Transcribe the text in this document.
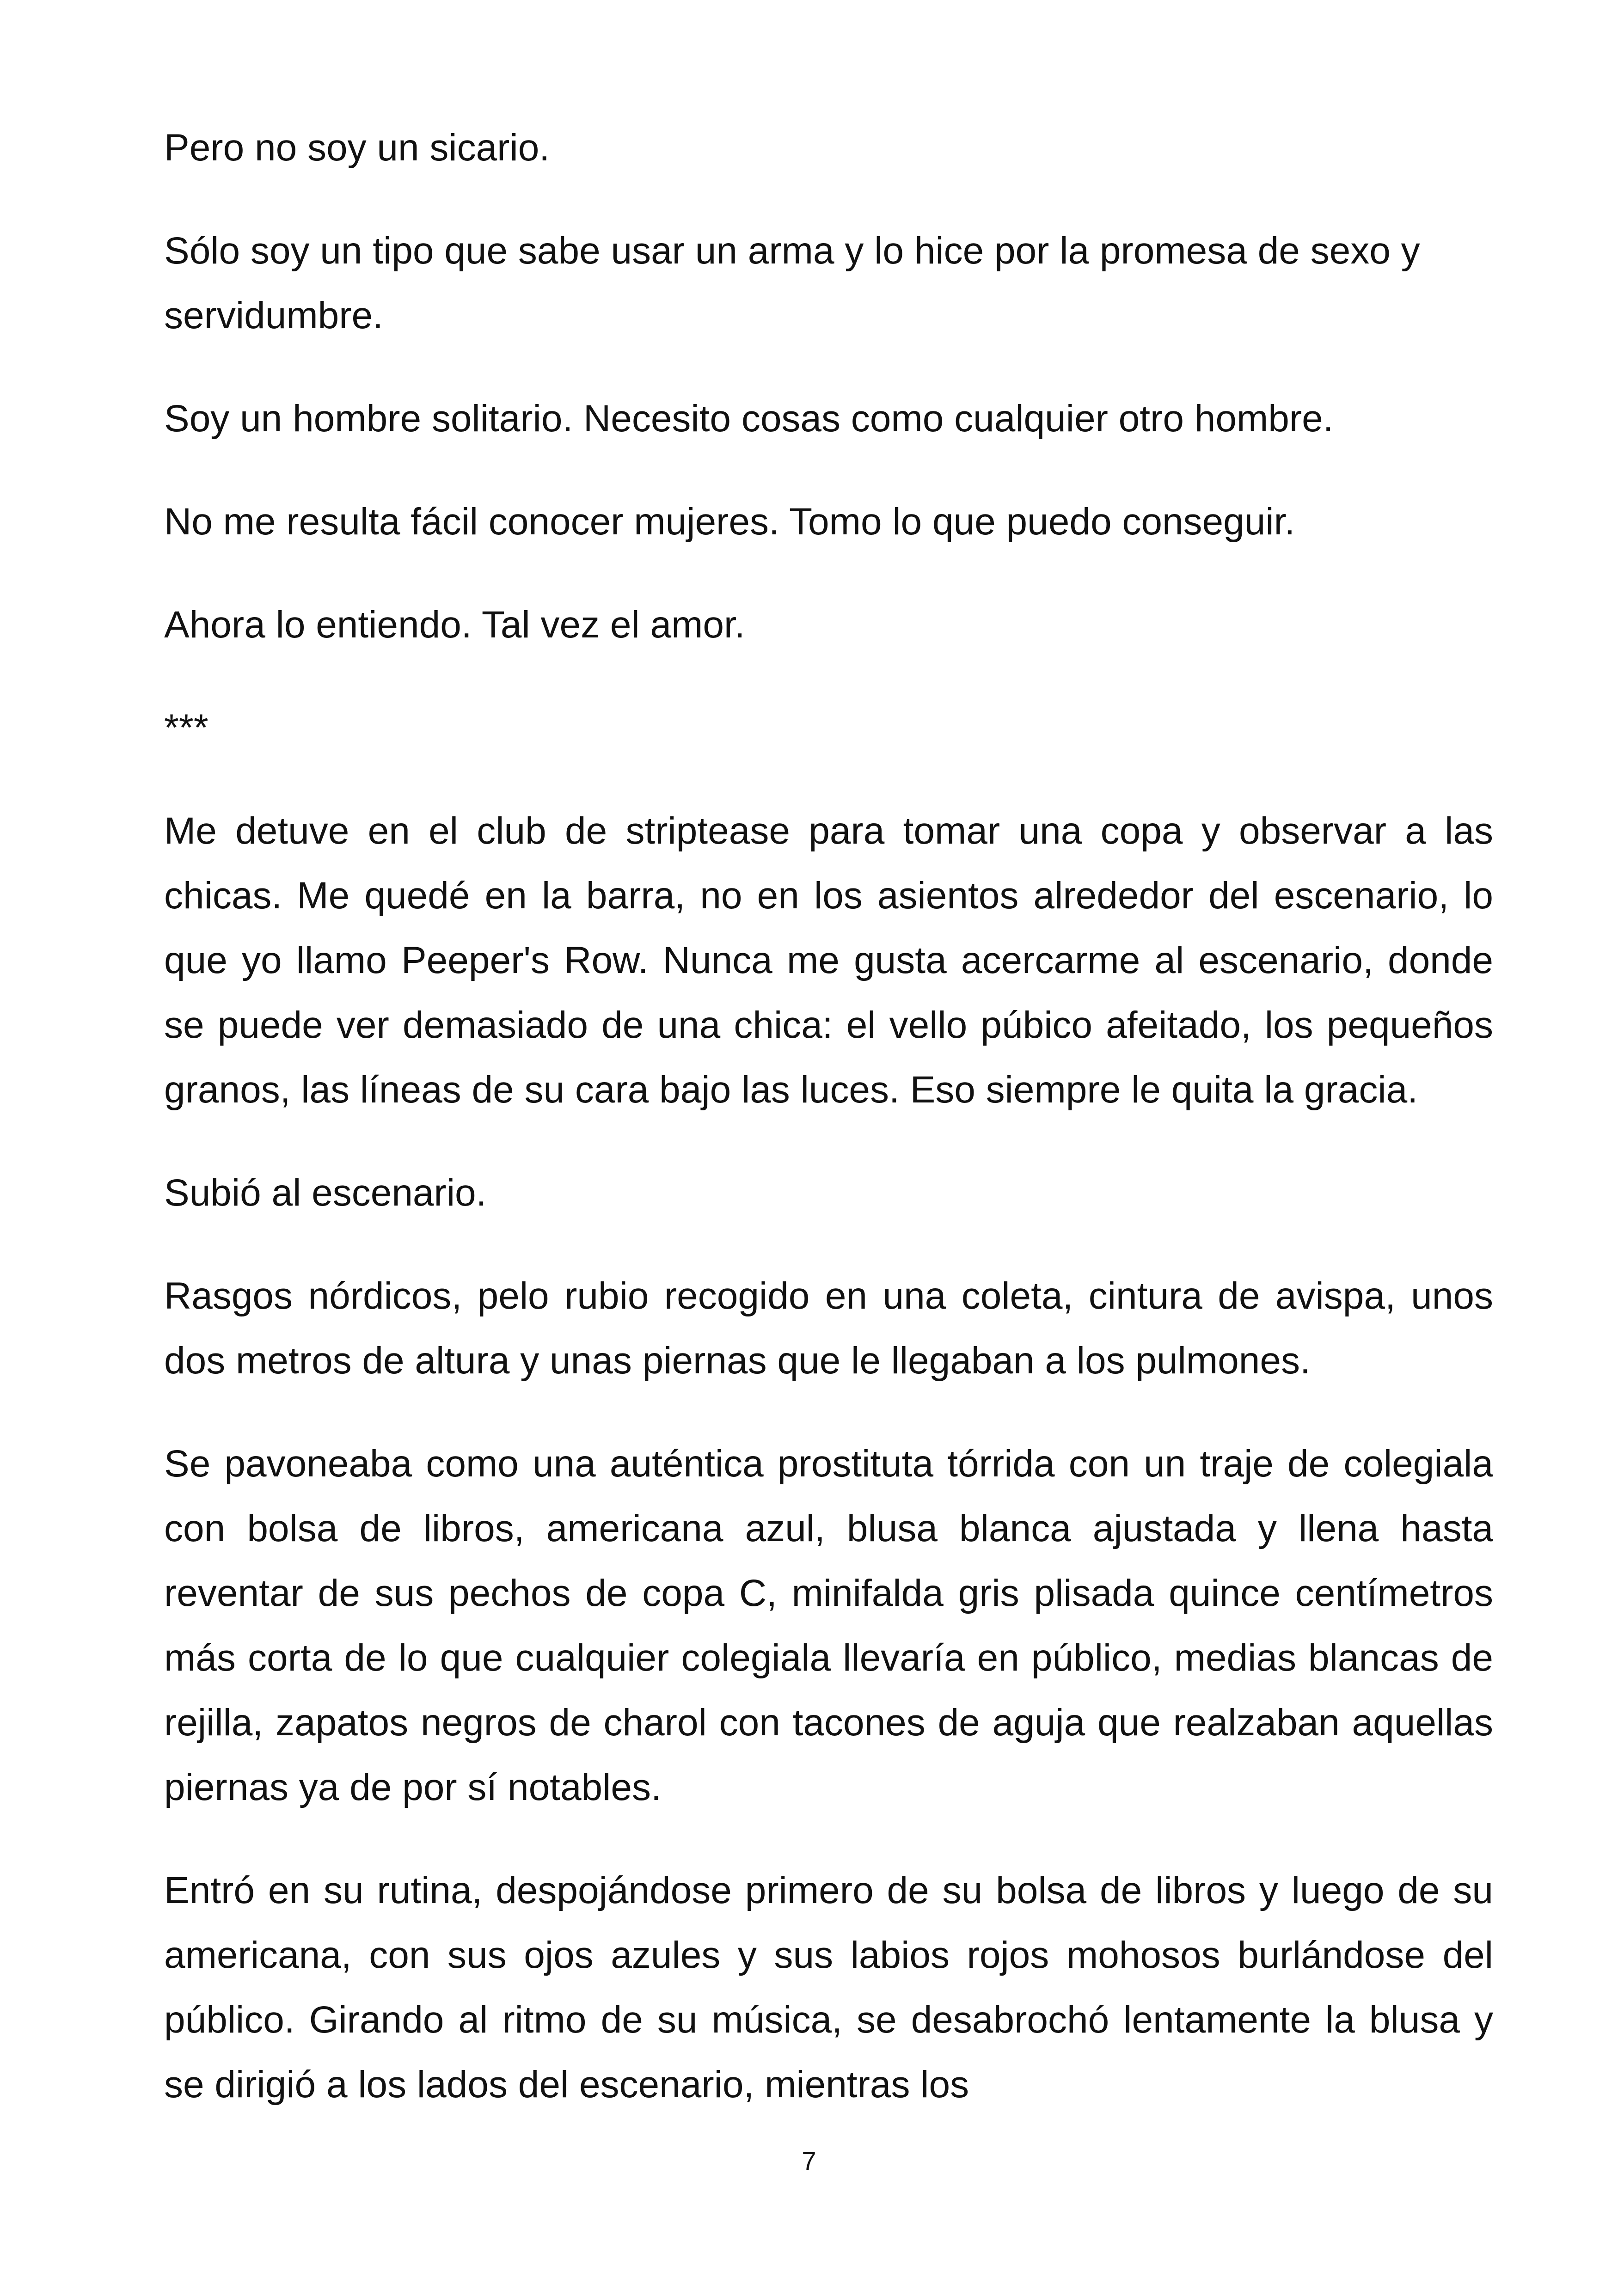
Pero no soy un sicario.

Sólo soy un tipo que sabe usar un arma y lo hice por la promesa de sexo y servidumbre.

Soy un hombre solitario. Necesito cosas como cualquier otro hombre.

No me resulta fácil conocer mujeres. Tomo lo que puedo conseguir.

Ahora lo entiendo. Tal vez el amor.

***

Me detuve en el club de striptease para tomar una copa y observar a las chicas. Me quedé en la barra, no en los asientos alrededor del escenario, lo que yo llamo Peeper's Row. Nunca me gusta acercarme al escenario, donde se puede ver demasiado de una chica: el vello púbico afeitado, los pequeños granos, las líneas de su cara bajo las luces. Eso siempre le quita la gracia.

Subió al escenario.

Rasgos nórdicos, pelo rubio recogido en una coleta, cintura de avispa, unos dos metros de altura y unas piernas que le llegaban a los pulmones.

Se pavoneaba como una auténtica prostituta tórrida con un traje de colegiala con bolsa de libros, americana azul, blusa blanca ajustada y llena hasta reventar de sus pechos de copa C, minifalda gris plisada quince centímetros más corta de lo que cualquier colegiala llevaría en público, medias blancas de rejilla, zapatos negros de charol con tacones de aguja que realzaban aquellas piernas ya de por sí notables.

Entró en su rutina, despojándose primero de su bolsa de libros y luego de su americana, con sus ojos azules y sus labios rojos mohosos burlándose del público. Girando al ritmo de su música, se desabrochó lentamente la blusa y se dirigió a los lados del escenario, mientras los

7
